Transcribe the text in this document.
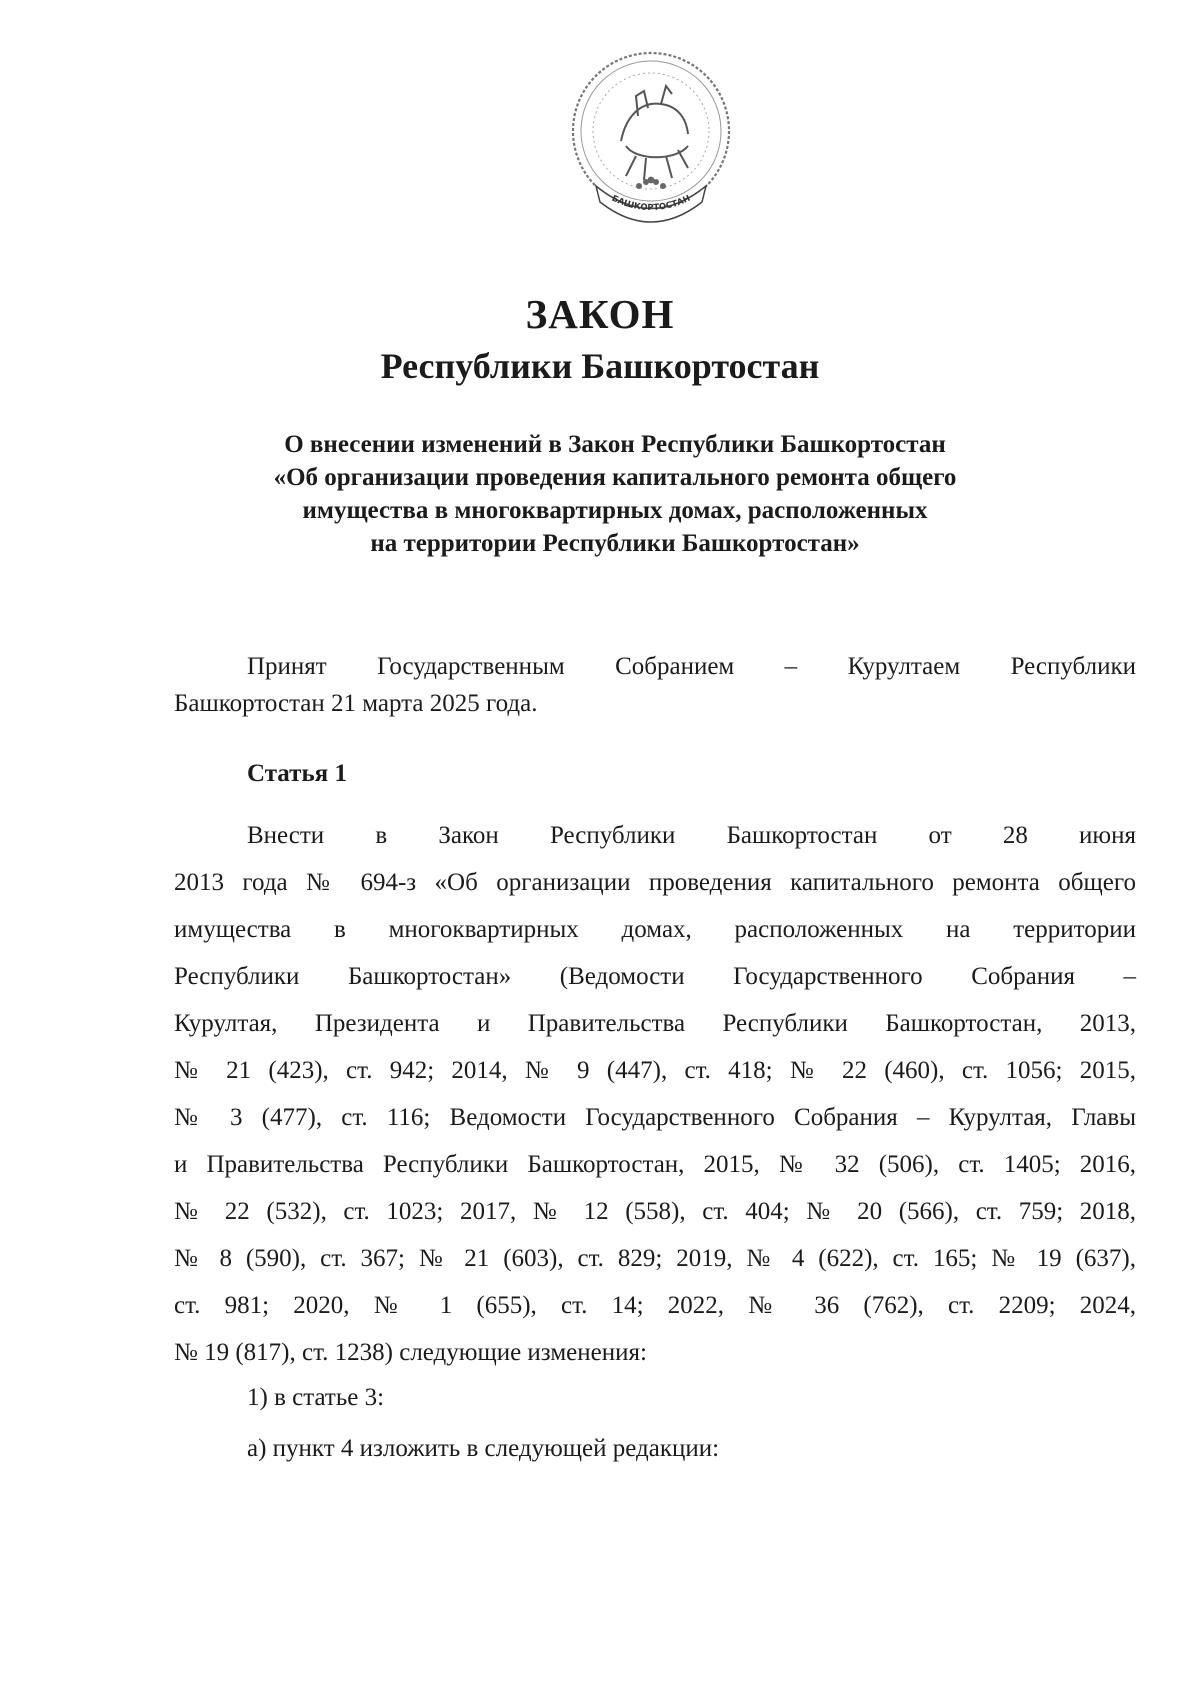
БАШКОРТОСТАН
ЗАКОН
Республики Башкортостан
О внесении изменений в Закон Республики Башкортостан
«Об организации проведения капитального ремонта общего
имущества в многоквартирных домах, расположенных
на территории Республики Башкортостан»
Принят Государственным Собранием – Курултаем Республики
Башкортостан 21 марта 2025 года.
Статья 1
Внести в Закон Республики Башкортостан от 28 июня
2013 года № 694-з «Об организации проведения капитального ремонта общего
имущества в многоквартирных домах, расположенных на территории
Республики Башкортостан» (Ведомости Государственного Собрания –
Курултая, Президента и Правительства Республики Башкортостан, 2013,
№ 21 (423), ст. 942; 2014, № 9 (447), ст. 418; № 22 (460), ст. 1056; 2015,
№ 3 (477), ст. 116; Ведомости Государственного Собрания – Курултая, Главы
и Правительства Республики Башкортостан, 2015, № 32 (506), ст. 1405; 2016,
№ 22 (532), ст. 1023; 2017, № 12 (558), ст. 404; № 20 (566), ст. 759; 2018,
№ 8 (590), ст. 367; № 21 (603), ст. 829; 2019, № 4 (622), ст. 165; № 19 (637),
ст. 981; 2020, № 1 (655), ст. 14; 2022, № 36 (762), ст. 2209; 2024,
№ 19 (817), ст. 1238) следующие изменения:
1) в статье 3:
а) пункт 4 изложить в следующей редакции:
